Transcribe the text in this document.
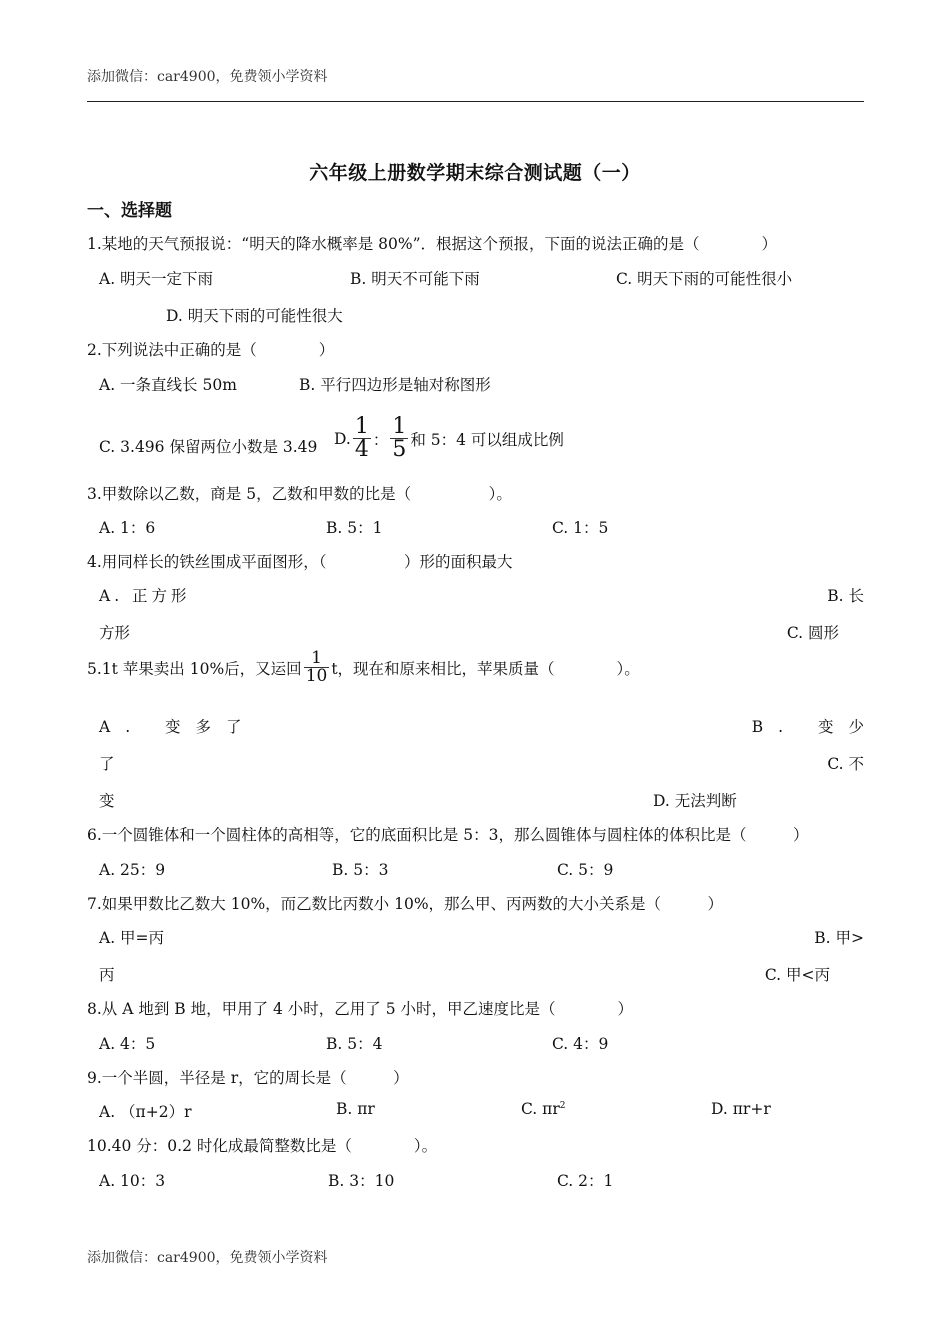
添加微信：car4900，免费领小学资料
六年级上册数学期末综合测试题（一）
一、选择题
1.某地的天气预报说：“明天的降水概率是 80%”．根据这个预报，下面的说法正确的是（　　　　）
A. 明天一定下雨	B. 明天不可能下雨	C. 明天下雨的可能性很小
D. 明天下雨的可能性很大
2.下列说法中正确的是（　　　　）
A. 一条直线长 50m	B. 平行四边形是轴对称图形
C. 3.496 保留两位小数是 3.49 D. $\frac{1}{4}$ ： $\frac{1}{5}$ 和 5：4 可以组成比例
3.甲数除以乙数，商是 5，乙数和甲数的比是（　　　　　）。
A. 1：6	B. 5：1	C. 1：5
4.用同样长的铁丝围成平面图形，（　　　　　）形的面积最大
A. 正方形	B. 长
方形	C. 圆形
5.1t 苹果卖出 10%后，又运回 $\frac{1}{10}$ t，现在和原来相比，苹果质量（　　　　）。
A. 变多了	B. 变少
了	C. 不
变	D. 无法判断
6.一个圆锥体和一个圆柱体的高相等，它的底面积比是 5：3，那么圆锥体与圆柱体的体积比是（　　　）
A. 25：9	B. 5：3	C. 5：9
7.如果甲数比乙数大 10%，而乙数比丙数小 10%，那么甲、丙两数的大小关系是（　　　）
A. 甲=丙	B. 甲>
丙	C. 甲<丙
8.从 A 地到 B 地，甲用了 4 小时，乙用了 5 小时，甲乙速度比是（　　　　）
A. 4：5	B. 5：4	C. 4：9
9.一个半圆，半径是 r，它的周长是（　　　）
A. （π+2）r	B. πr	C. $\pi r^2$	D. πr+r
10.40 分：0.2 时化成最简整数比是（　　　　）。
A. 10：3	B. 3：10	C. 2：1
添加微信：car4900，免费领小学资料
